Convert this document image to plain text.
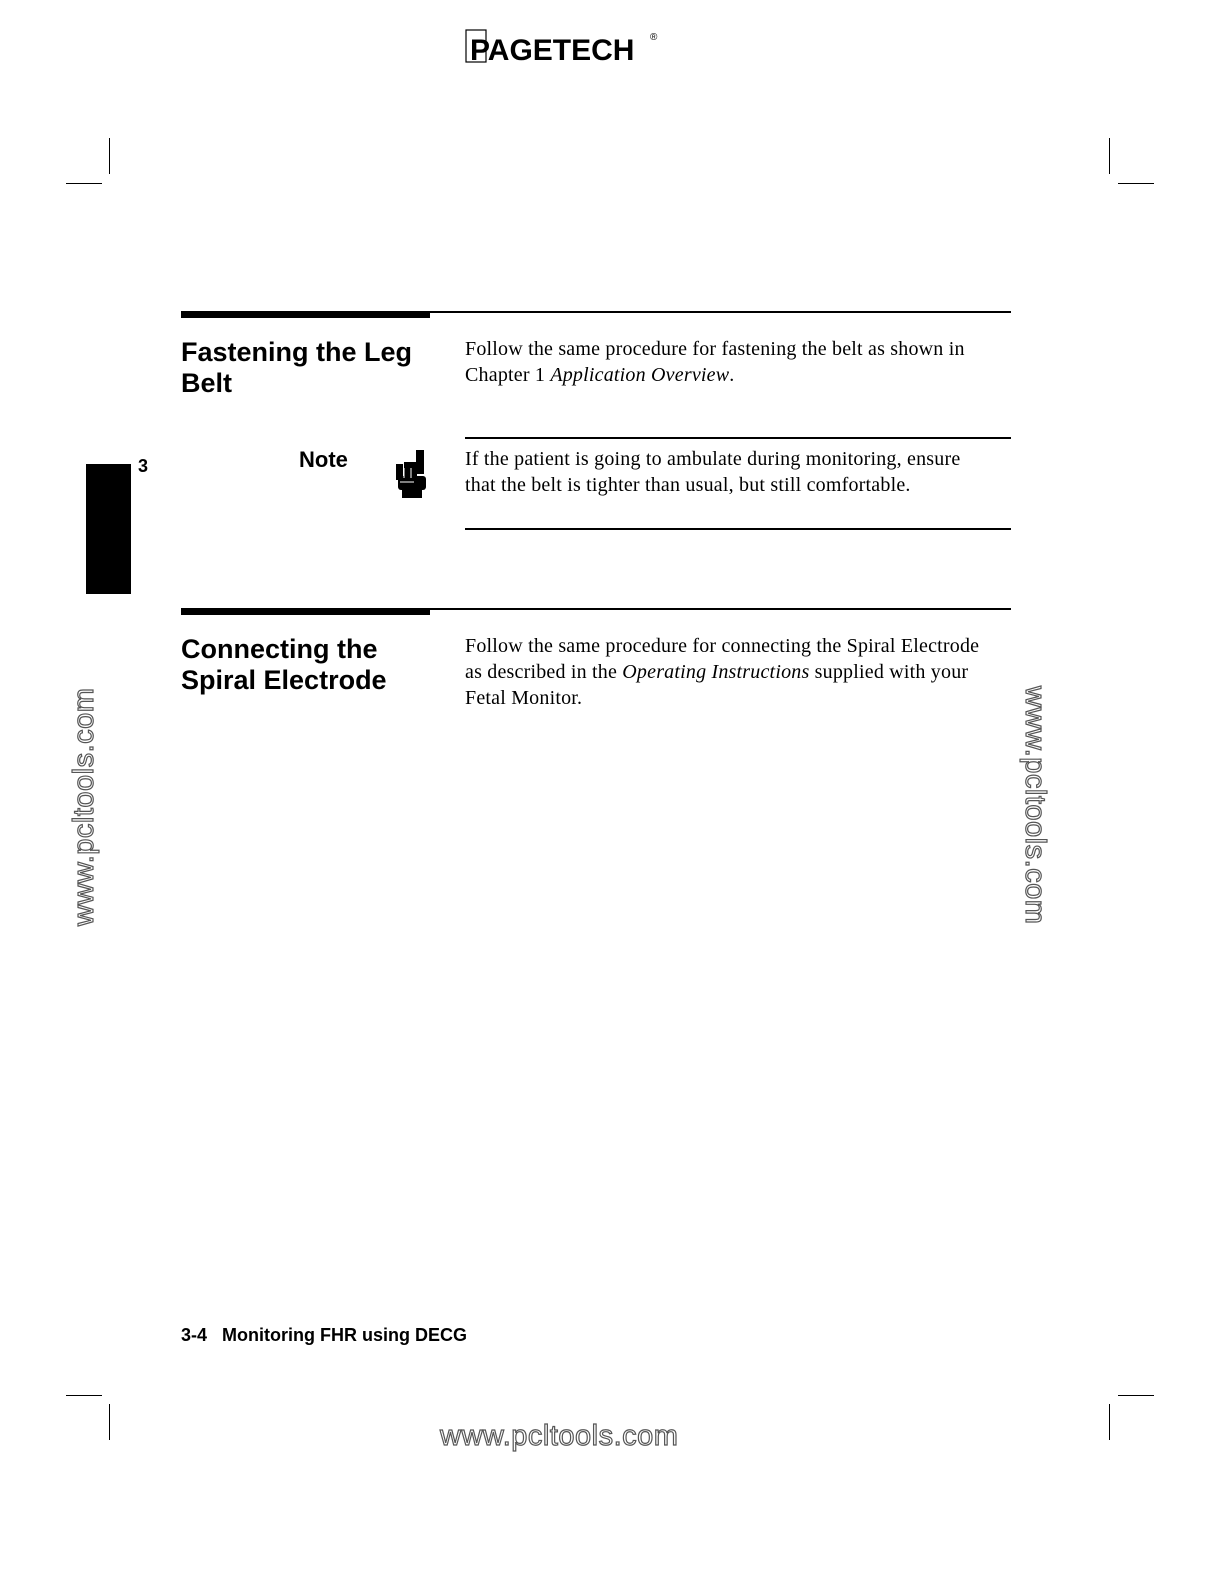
PAGETECH ®
3
www.pcltools.com	www.pcltools.com
www.pcltools.com
Fastening the Leg Belt
Follow the same procedure for fastening the belt as shown in Chapter 1 Application Overview.
Note	If the patient is going to ambulate during monitoring, ensure that the belt is tighter than usual, but still comfortable.
Connecting the Spiral Electrode
Follow the same procedure for connecting the Spiral Electrode as described in the Operating Instructions supplied with your Fetal Monitor.
3-4 Monitoring FHR using DECG
